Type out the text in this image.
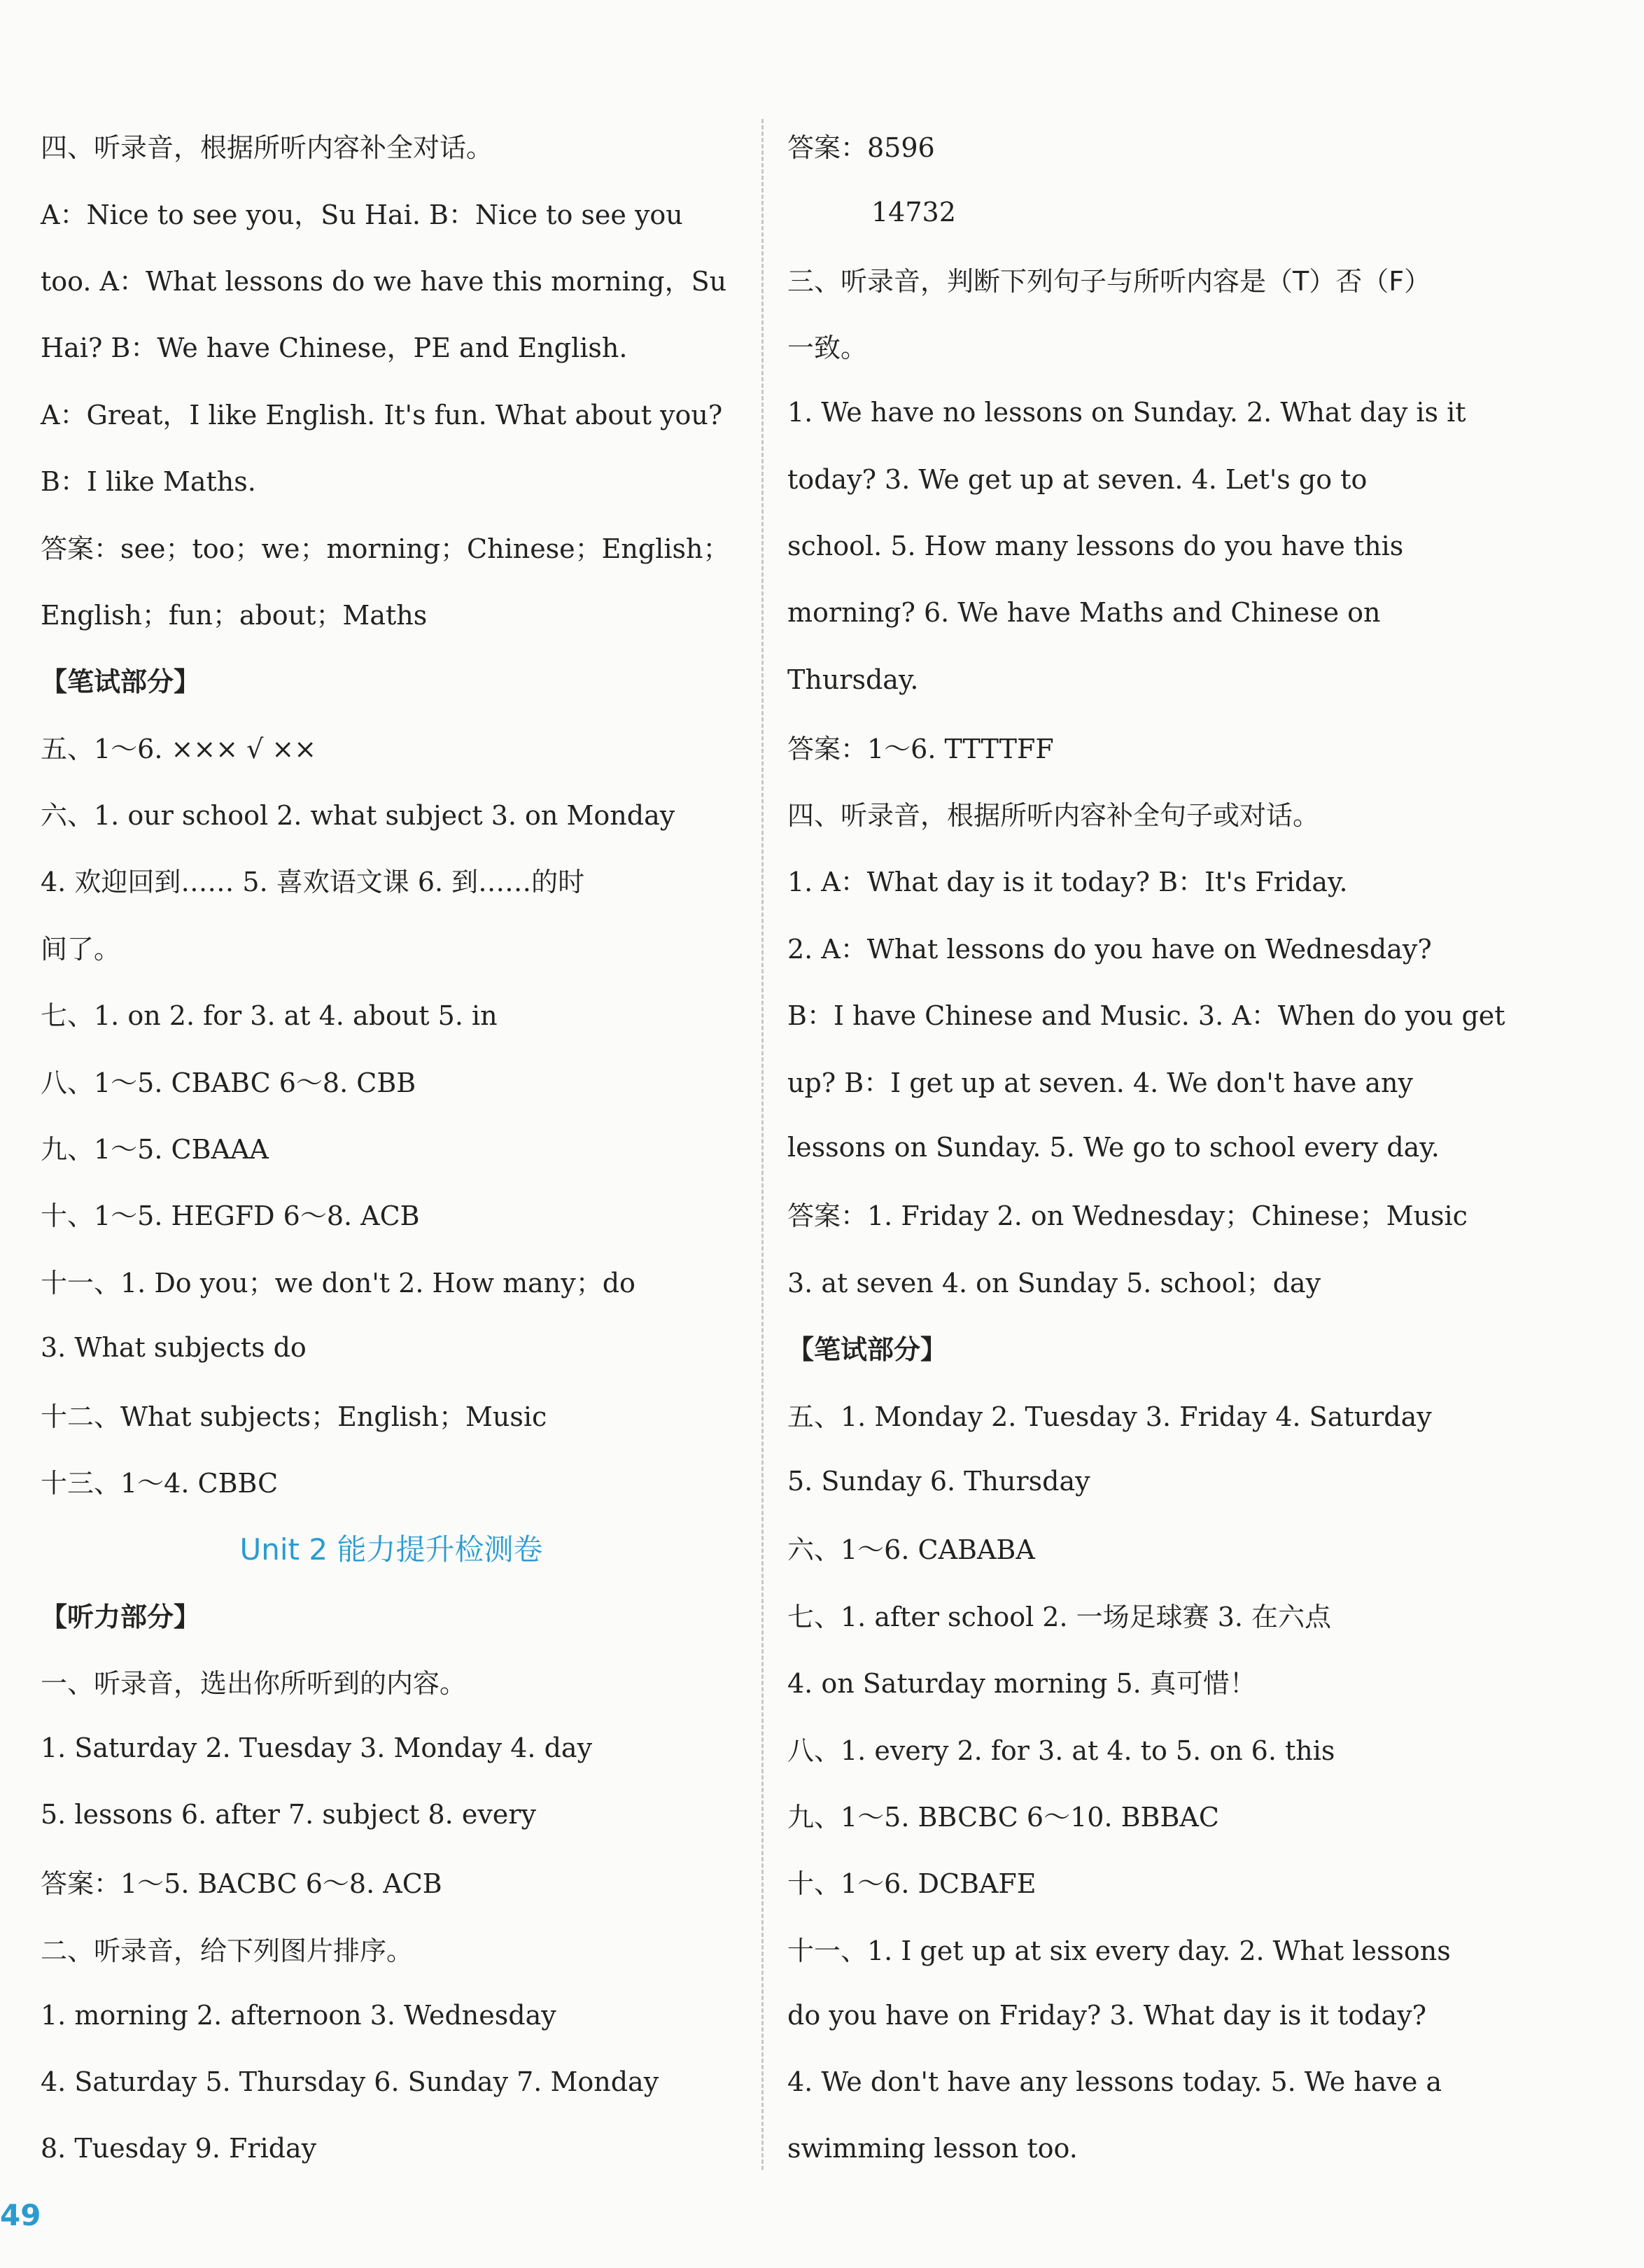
四、听录音，根据所听内容补全对话。
A：Nice to see you，Su Hai. B：Nice to see you
too. A：What lessons do we have this morning，Su
Hai? B：We have Chinese，PE and English.
A：Great，I like English. It's fun. What about you?
B：I like Maths.
答案：see；too；we；morning；Chinese；English；
English；fun；about；Maths
【笔试部分】
五、1～6. ××× √ ××
六、1. our school 2. what subject 3. on Monday
4. 欢迎回到…… 5. 喜欢语文课 6. 到……的时
间了。
七、1. on 2. for 3. at 4. about 5. in
八、1～5. CBABC 6～8. CBB
九、1～5. CBAAA
十、1～5. HEGFD 6～8. ACB
十一、1. Do you；we don't 2. How many；do
3. What subjects do
十二、What subjects；English；Music
十三、1～4. CBBC
Unit 2 能力提升检测卷
【听力部分】
一、听录音，选出你所听到的内容。
1. Saturday 2. Tuesday 3. Monday 4. day
5. lessons 6. after 7. subject 8. every
答案：1～5. BACBC 6～8. ACB
二、听录音，给下列图片排序。
1. morning 2. afternoon 3. Wednesday
4. Saturday 5. Thursday 6. Sunday 7. Monday
8. Tuesday 9. Friday
答案：8596
14732
三、听录音，判断下列句子与所听内容是（T）否（F）
一致。
1. We have no lessons on Sunday. 2. What day is it
today? 3. We get up at seven. 4. Let's go to
school. 5. How many lessons do you have this
morning? 6. We have Maths and Chinese on
Thursday.
答案：1～6. TTTTFF
四、听录音，根据所听内容补全句子或对话。
1. A：What day is it today? B：It's Friday.
2. A：What lessons do you have on Wednesday?
B：I have Chinese and Music. 3. A：When do you get
up? B：I get up at seven. 4. We don't have any
lessons on Sunday. 5. We go to school every day.
答案：1. Friday 2. on Wednesday；Chinese；Music
3. at seven 4. on Sunday 5. school；day
【笔试部分】
五、1. Monday 2. Tuesday 3. Friday 4. Saturday
5. Sunday 6. Thursday
六、1～6. CABABA
七、1. after school 2. 一场足球赛 3. 在六点
4. on Saturday morning 5. 真可惜！
八、1. every 2. for 3. at 4. to 5. on 6. this
九、1～5. BBCBC 6～10. BBBAC
十、1～6. DCBAFE
十一、1. I get up at six every day. 2. What lessons
do you have on Friday? 3. What day is it today?
4. We don't have any lessons today. 5. We have a
swimming lesson too.
49
